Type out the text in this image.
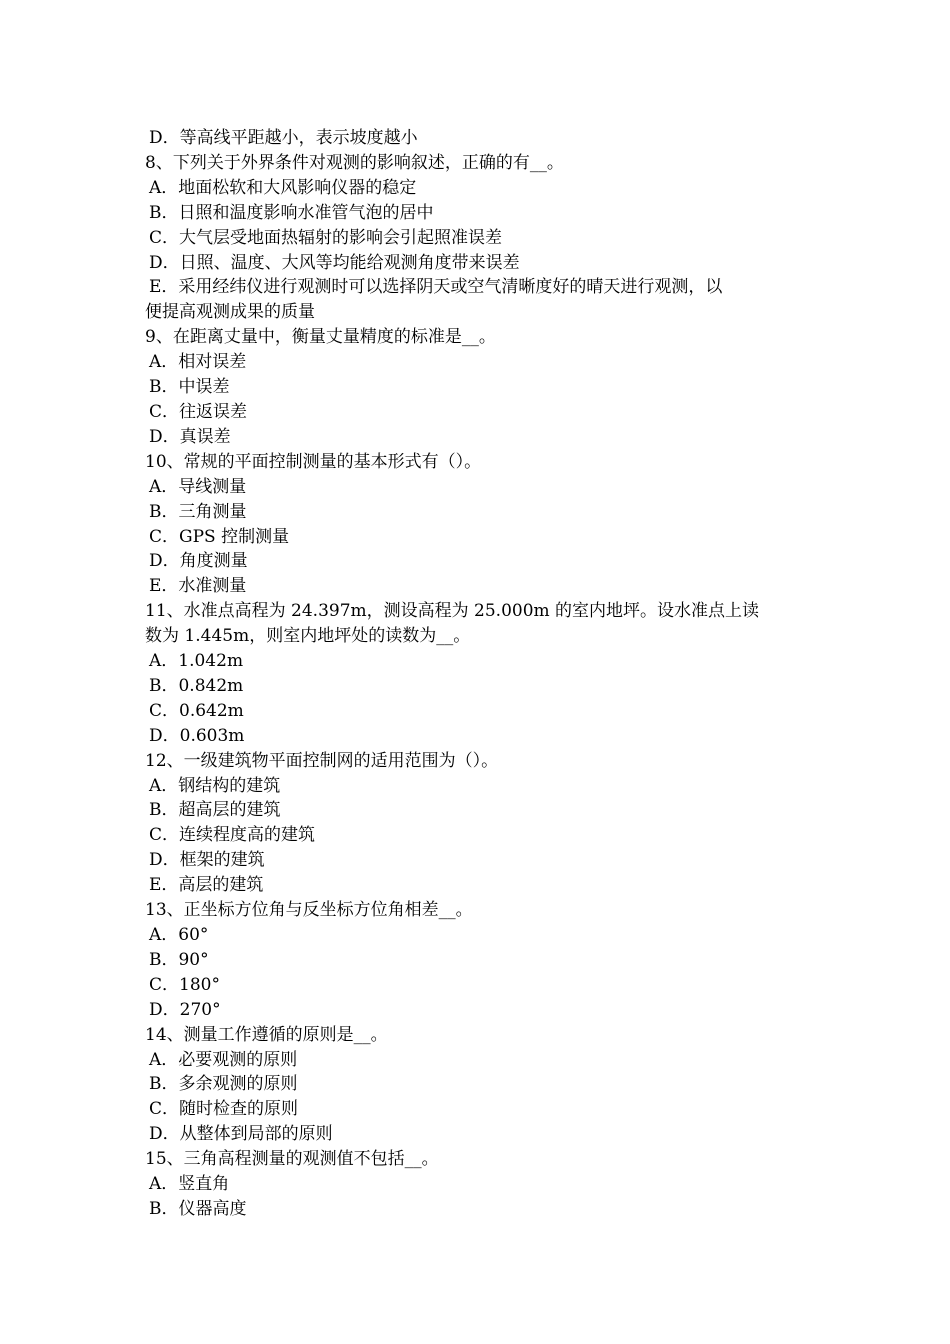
D．等高线平距越小，表示坡度越小

8、下列关于外界条件对观测的影响叙述，正确的有__。

A．地面松软和大风影响仪器的稳定

B．日照和温度影响水准管气泡的居中

C．大气层受地面热辐射的影响会引起照准误差

D．日照、温度、大风等均能给观测角度带来误差

E．采用经纬仪进行观测时可以选择阴天或空气清晰度好的晴天进行观测，以

便提高观测成果的质量

9、在距离丈量中，衡量丈量精度的标准是__。

A．相对误差

B．中误差

C．往返误差

D．真误差

10、常规的平面控制测量的基本形式有（）。

A．导线测量

B．三角测量

C．GPS 控制测量

D．角度测量

E．水准测量

11、水准点高程为 24.397m，测设高程为 25.000m 的室内地坪。设水准点上读

数为 1.445m，则室内地坪处的读数为__。

A．1.042m

B．0.842m

C．0.642m

D．0.603m

12、一级建筑物平面控制网的适用范围为（）。

A．钢结构的建筑

B．超高层的建筑

C．连续程度高的建筑

D．框架的建筑

E．高层的建筑

13、正坐标方位角与反坐标方位角相差__。

A．60°

B．90°

C．180°

D．270°

14、测量工作遵循的原则是__。

A．必要观测的原则

B．多余观测的原则

C．随时检查的原则

D．从整体到局部的原则

15、三角高程测量的观测值不包括__。

A．竖直角

B．仪器高度
